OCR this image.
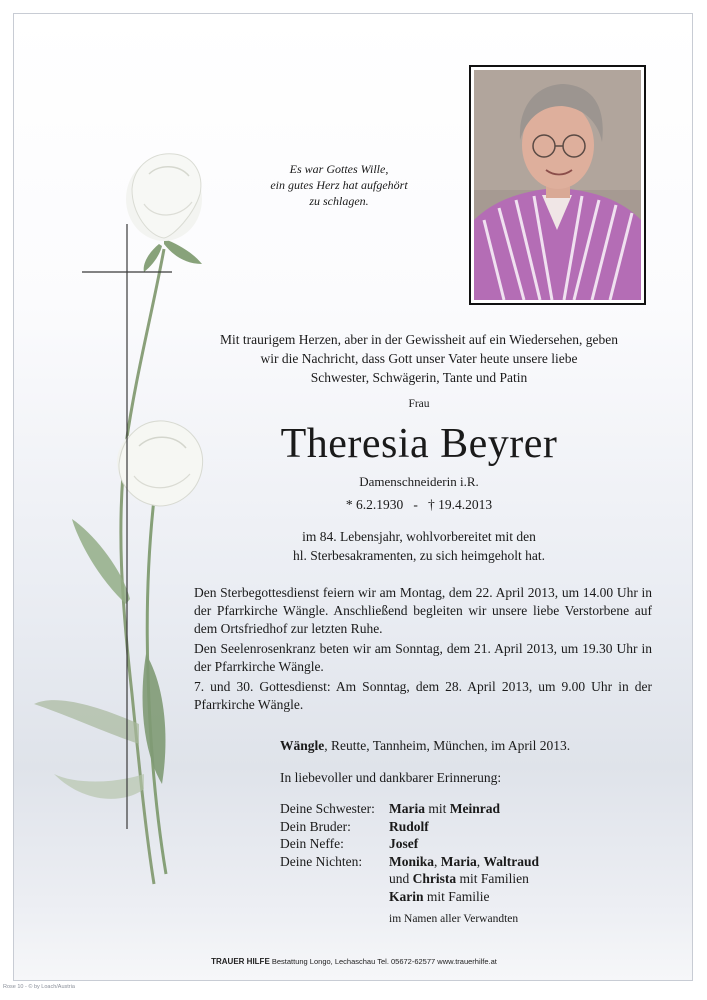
Es war Gottes Wille,
ein gutes Herz hat aufgehört
zu schlagen.
Mit traurigem Herzen, aber in der Gewissheit auf ein Wiedersehen, geben
wir die Nachricht, dass Gott unser Vater heute unsere liebe
Schwester, Schwägerin, Tante und Patin
Frau
Theresia Beyrer
Damenschneiderin i.R.
* 6.2.1930   -   † 19.4.2013
im 84. Lebensjahr, wohlvorbereitet mit den
hl. Sterbesakramenten, zu sich heimgeholt hat.
Den Sterbegottesdienst feiern wir am Montag, dem 22. April 2013, um 14.00 Uhr in der Pfarrkirche Wängle. Anschließend begleiten wir unsere liebe Verstorbene auf dem Ortsfriedhof zur letzten Ruhe.
Den Seelenrosenkranz beten wir am Sonntag, dem 21. April 2013, um 19.30 Uhr in der Pfarrkirche Wängle.
7. und 30. Gottesdienst: Am Sonntag, dem 28. April 2013, um 9.00 Uhr in der Pfarrkirche Wängle.
Wängle, Reutte, Tannheim, München, im April 2013.
In liebevoller und dankbarer Erinnerung:
Deine Schwester:	Maria mit Meinrad
Dein Bruder:	Rudolf
Dein Neffe:	Josef
Deine Nichten:	Monika, Maria, Waltraud
	und Christa mit Familien
Karin mit Familie
im Namen aller Verwandten
TRAUER HILFE Bestattung Longo, Lechaschau Tel. 05672-62577 www.trauerhilfe.at
Rose 10 - © by Loach/Austria
